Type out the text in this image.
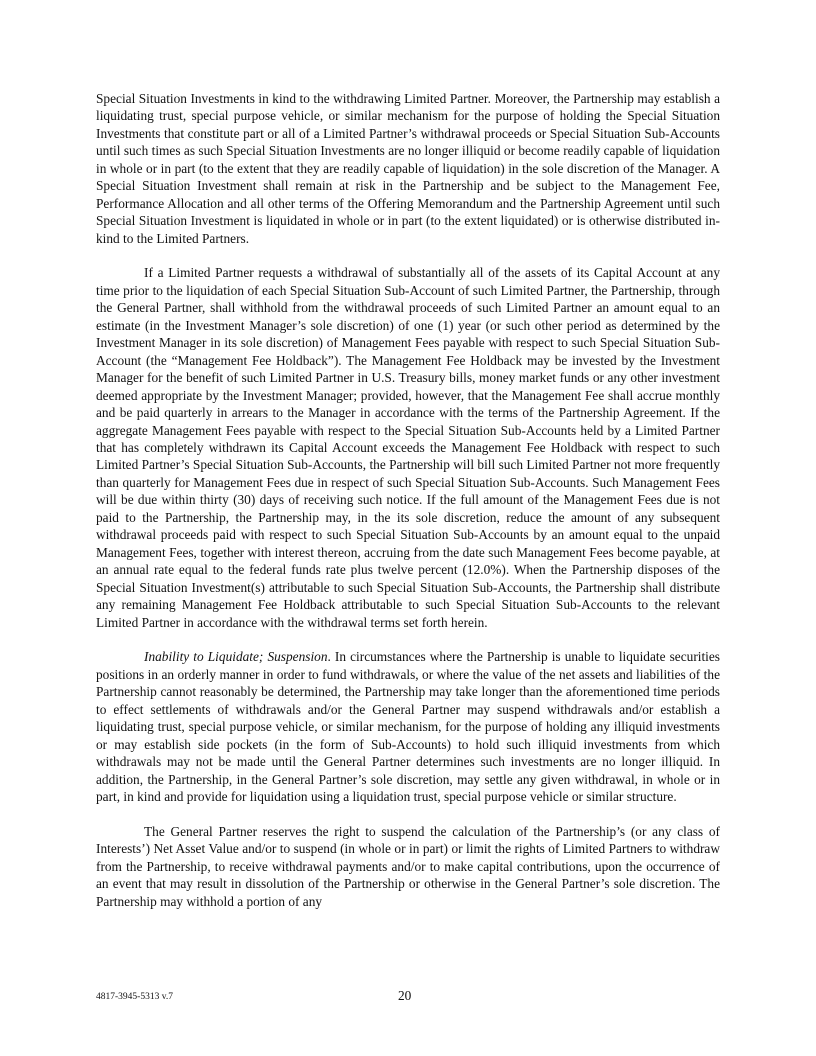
Special Situation Investments in kind to the withdrawing Limited Partner. Moreover, the Partnership may establish a liquidating trust, special purpose vehicle, or similar mechanism for the purpose of holding the Special Situation Investments that constitute part or all of a Limited Partner’s withdrawal proceeds or Special Situation Sub-Accounts until such times as such Special Situation Investments are no longer illiquid or become readily capable of liquidation in whole or in part (to the extent that they are readily capable of liquidation) in the sole discretion of the Manager. A Special Situation Investment shall remain at risk in the Partnership and be subject to the Management Fee, Performance Allocation and all other terms of the Offering Memorandum and the Partnership Agreement until such Special Situation Investment is liquidated in whole or in part (to the extent liquidated) or is otherwise distributed in-kind to the Limited Partners.

If a Limited Partner requests a withdrawal of substantially all of the assets of its Capital Account at any time prior to the liquidation of each Special Situation Sub-Account of such Limited Partner, the Partnership, through the General Partner, shall withhold from the withdrawal proceeds of such Limited Partner an amount equal to an estimate (in the Investment Manager’s sole discretion) of one (1) year (or such other period as determined by the Investment Manager in its sole discretion) of Management Fees payable with respect to such Special Situation Sub-Account (the “Management Fee Holdback”). The Management Fee Holdback may be invested by the Investment Manager for the benefit of such Limited Partner in U.S. Treasury bills, money market funds or any other investment deemed appropriate by the Investment Manager; provided, however, that the Management Fee shall accrue monthly and be paid quarterly in arrears to the Manager in accordance with the terms of the Partnership Agreement. If the aggregate Management Fees payable with respect to the Special Situation Sub-Accounts held by a Limited Partner that has completely withdrawn its Capital Account exceeds the Management Fee Holdback with respect to such Limited Partner’s Special Situation Sub-Accounts, the Partnership will bill such Limited Partner not more frequently than quarterly for Management Fees due in respect of such Special Situation Sub-Accounts. Such Management Fees will be due within thirty (30) days of receiving such notice. If the full amount of the Management Fees due is not paid to the Partnership, the Partnership may, in the its sole discretion, reduce the amount of any subsequent withdrawal proceeds paid with respect to such Special Situation Sub-Accounts by an amount equal to the unpaid Management Fees, together with interest thereon, accruing from the date such Management Fees become payable, at an annual rate equal to the federal funds rate plus twelve percent (12.0%). When the Partnership disposes of the Special Situation Investment(s) attributable to such Special Situation Sub-Accounts, the Partnership shall distribute any remaining Management Fee Holdback attributable to such Special Situation Sub-Accounts to the relevant Limited Partner in accordance with the withdrawal terms set forth herein.

Inability to Liquidate; Suspension. In circumstances where the Partnership is unable to liquidate securities positions in an orderly manner in order to fund withdrawals, or where the value of the net assets and liabilities of the Partnership cannot reasonably be determined, the Partnership may take longer than the aforementioned time periods to effect settlements of withdrawals and/or the General Partner may suspend withdrawals and/or establish a liquidating trust, special purpose vehicle, or similar mechanism, for the purpose of holding any illiquid investments or may establish side pockets (in the form of Sub-Accounts) to hold such illiquid investments from which withdrawals may not be made until the General Partner determines such investments are no longer illiquid. In addition, the Partnership, in the General Partner’s sole discretion, may settle any given withdrawal, in whole or in part, in kind and provide for liquidation using a liquidation trust, special purpose vehicle or similar structure.

The General Partner reserves the right to suspend the calculation of the Partnership’s (or any class of Interests’) Net Asset Value and/or to suspend (in whole or in part) or limit the rights of Limited Partners to withdraw from the Partnership, to receive withdrawal payments and/or to make capital contributions, upon the occurrence of an event that may result in dissolution of the Partnership or otherwise in the General Partner’s sole discretion. The Partnership may withhold a portion of any

4817-3945-5313 v.7	20
